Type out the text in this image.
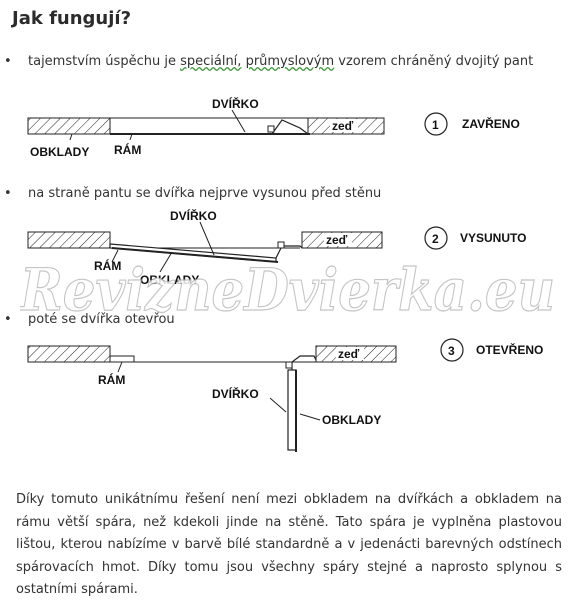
Jak fungují?
• tajemstvím úspěchu je speciální, průmyslovým vzorem chráněný dvojitý pant
DVÍŘKO
zeď
OBKLADY RÁM
1 ZAVŘENO
• na straně pantu se dvířka nejprve vysunou před stěnu
DVÍŘKO
zeď
RÁM
OBKLADY
2 VYSUNUTO
RevizneDvierka.eu
• poté se dvířka otevřou
RÁM
DVÍŘKO
OBKLADY
zeď	3 OTEVŘENO
Díky tomuto unikátnímu řešení není mezi obkladem na dvířkách a obkladem na rámu větší spára, než kdekoli jinde na stěně. Tato spára je vyplněna plastovou lištou, kterou nabízíme v barvě bílé standardně a v jedenácti barevných odstínech spárovacích hmot. Díky tomu jsou všechny spáry stejné a naprosto splynou s ostatními spárami.
